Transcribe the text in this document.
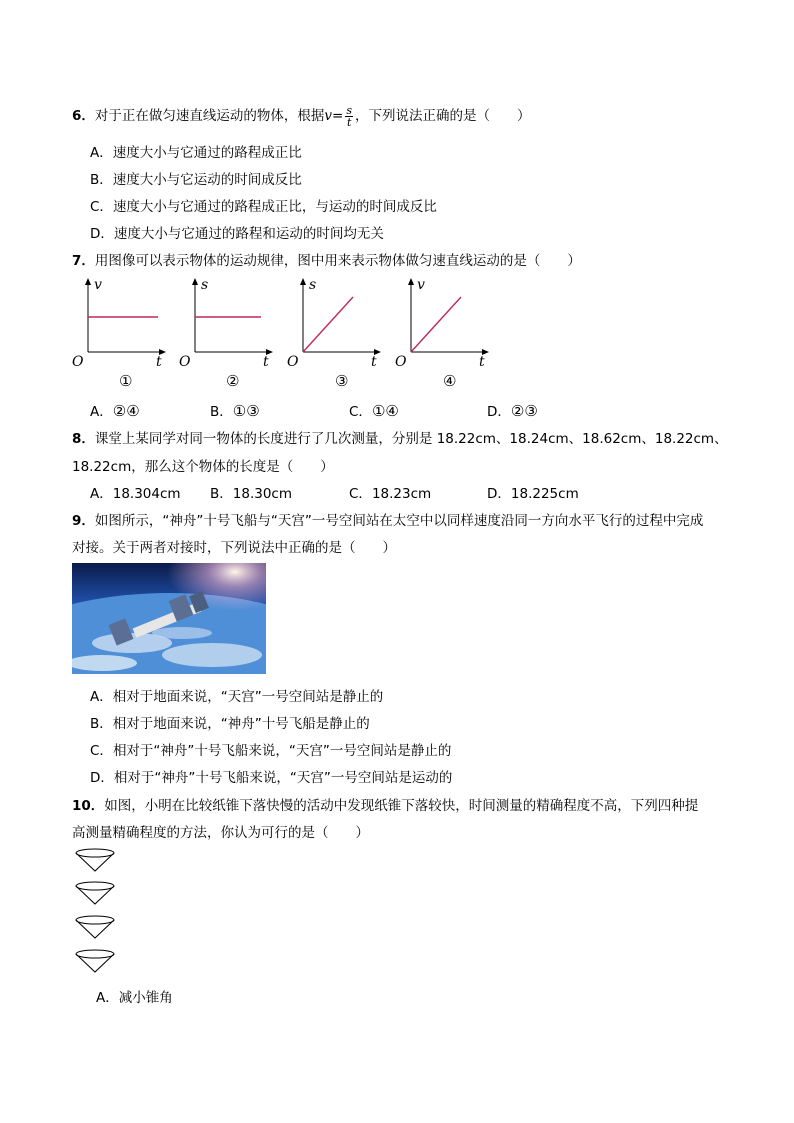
6．对于正在做匀速直线运动的物体，根据$v= \frac{s}{t}$ ，下列说法正确的是（　　）
A．速度大小与它通过的路程成正比
B．速度大小与它运动的时间成反比
C．速度大小与它通过的路程成正比，与运动的时间成反比
D．速度大小与它通过的路程和运动的时间均无关
7．用图像可以表示物体的运动规律，图中用来表示物体做匀速直线运动的是（　　）
v
t
O
①
s
t
O
②
s
t
O
③
v
t
O
④
A．②④	B．①③	C．①④	D．②③
8．课堂上某同学对同一物体的长度进行了几次测量，分别是 18.22cm、18.24cm、18.62cm、18.22cm、
18.22cm，那么这个物体的长度是（　　）
A．18.304cm B．18.30cm	C．18.23cm	D．18.225cm
9．如图所示，“神舟”十号飞船与“天宫”一号空间站在太空中以同样速度沿同一方向水平飞行的过程中完成
对接。关于两者对接时，下列说法中正确的是（　　）
A．相对于地面来说，“天宫”一号空间站是静止的
B．相对于地面来说，“神舟”十号飞船是静止的
C．相对于“神舟”十号飞船来说，“天宫”一号空间站是静止的
D．相对于“神舟”十号飞船来说，“天宫”一号空间站是运动的
10．如图，小明在比较纸锥下落快慢的活动中发现纸锥下落较快，时间测量的精确程度不高，下列四种提
高测量精确程度的方法，你认为可行的是（　　）
A．减小锥角
